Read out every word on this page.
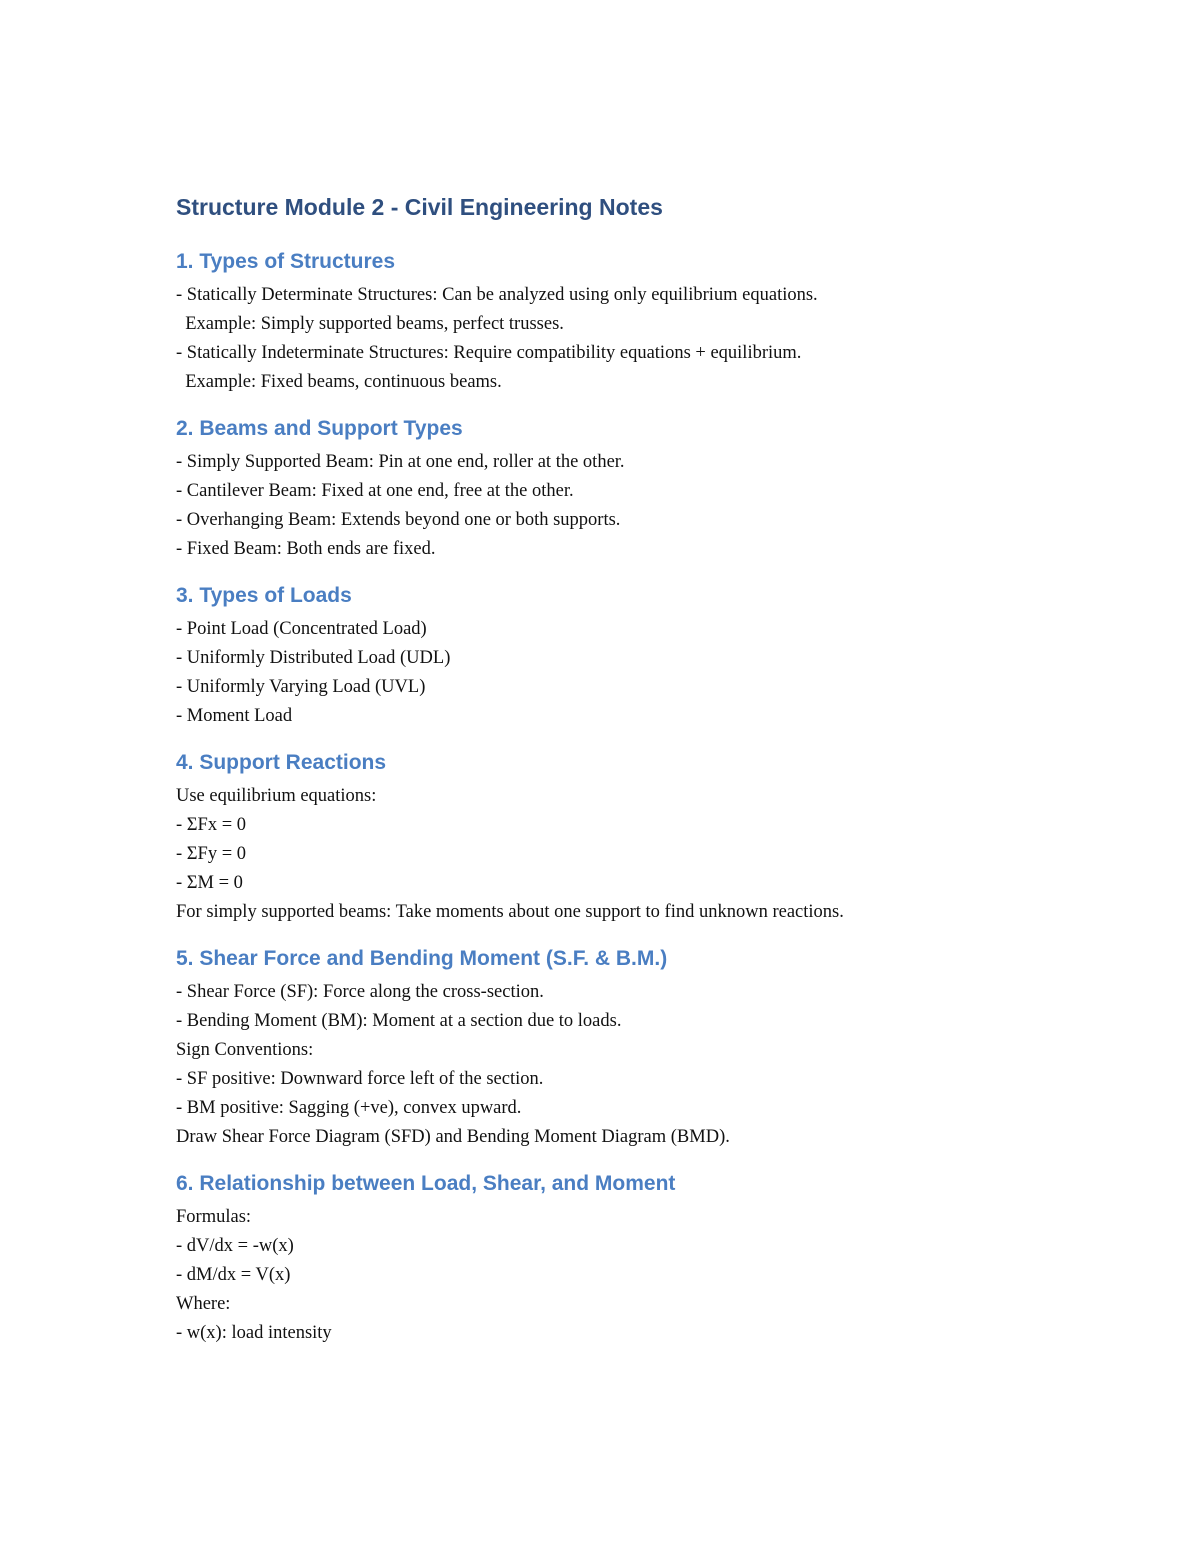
Structure Module 2 - Civil Engineering Notes
1. Types of Structures
- Statically Determinate Structures: Can be analyzed using only equilibrium equations.
Example: Simply supported beams, perfect trusses.
- Statically Indeterminate Structures: Require compatibility equations + equilibrium.
Example: Fixed beams, continuous beams.
2. Beams and Support Types
- Simply Supported Beam: Pin at one end, roller at the other.
- Cantilever Beam: Fixed at one end, free at the other.
- Overhanging Beam: Extends beyond one or both supports.
- Fixed Beam: Both ends are fixed.
3. Types of Loads
- Point Load (Concentrated Load)
- Uniformly Distributed Load (UDL)
- Uniformly Varying Load (UVL)
- Moment Load
4. Support Reactions
Use equilibrium equations:
- ΣFx = 0
- ΣFy = 0
- ΣM = 0
For simply supported beams: Take moments about one support to find unknown reactions.
5. Shear Force and Bending Moment (S.F. & B.M.)
- Shear Force (SF): Force along the cross-section.
- Bending Moment (BM): Moment at a section due to loads.
Sign Conventions:
- SF positive: Downward force left of the section.
- BM positive: Sagging (+ve), convex upward.
Draw Shear Force Diagram (SFD) and Bending Moment Diagram (BMD).
6. Relationship between Load, Shear, and Moment
Formulas:
- dV/dx = -w(x)
- dM/dx = V(x)
Where:
- w(x): load intensity
